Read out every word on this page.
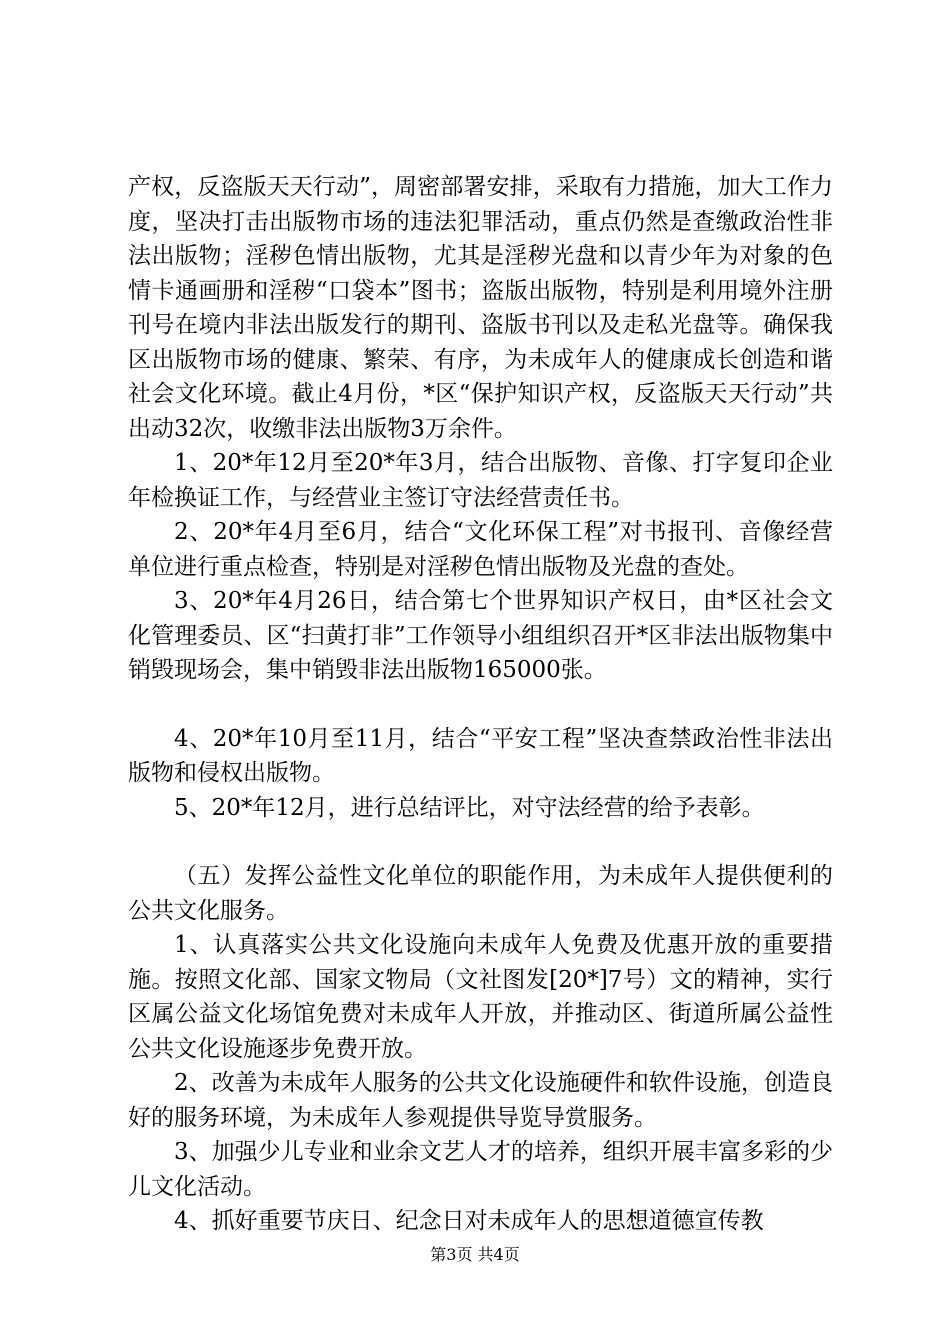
产权，反盗版天天行动”，周密部署安排，采取有力措施，加大工作力度，坚决打击出版物市场的违法犯罪活动，重点仍然是查缴政治性非法出版物；淫秽色情出版物，尤其是淫秽光盘和以青少年为对象的色情卡通画册和淫秽“口袋本”图书；盗版出版物，特别是利用境外注册刊号在境内非法出版发行的期刊、盗版书刊以及走私光盘等。确保我区出版物市场的健康、繁荣、有序，为未成年人的健康成长创造和谐社会文化环境。截止4月份，*区“保护知识产权，反盗版天天行动”共出动32次，收缴非法出版物3万余件。

1、20*年12月至20*年3月，结合出版物、音像、打字复印企业年检换证工作，与经营业主签订守法经营责任书。

2、20*年4月至6月，结合“文化环保工程”对书报刊、音像经营单位进行重点检查，特别是对淫秽色情出版物及光盘的查处。

3、20*年4月26日，结合第七个世界知识产权日，由*区社会文化管理委员、区“扫黄打非”工作领导小组组织召开*区非法出版物集中销毁现场会，集中销毁非法出版物165000张。

4、20*年10月至11月，结合“平安工程”坚决查禁政治性非法出版物和侵权出版物。

5、20*年12月，进行总结评比，对守法经营的给予表彰。

（五）发挥公益性文化单位的职能作用，为未成年人提供便利的公共文化服务。

1、认真落实公共文化设施向未成年人免费及优惠开放的重要措施。按照文化部、国家文物局（文社图发[20*]7号）文的精神，实行区属公益文化场馆免费对未成年人开放，并推动区、街道所属公益性公共文化设施逐步免费开放。

2、改善为未成年人服务的公共文化设施硬件和软件设施，创造良好的服务环境，为未成年人参观提供导览导赏服务。

3、加强少儿专业和业余文艺人才的培养，组织开展丰富多彩的少儿文化活动。

4、抓好重要节庆日、纪念日对未成年人的思想道德宣传教

第3页 共4页
